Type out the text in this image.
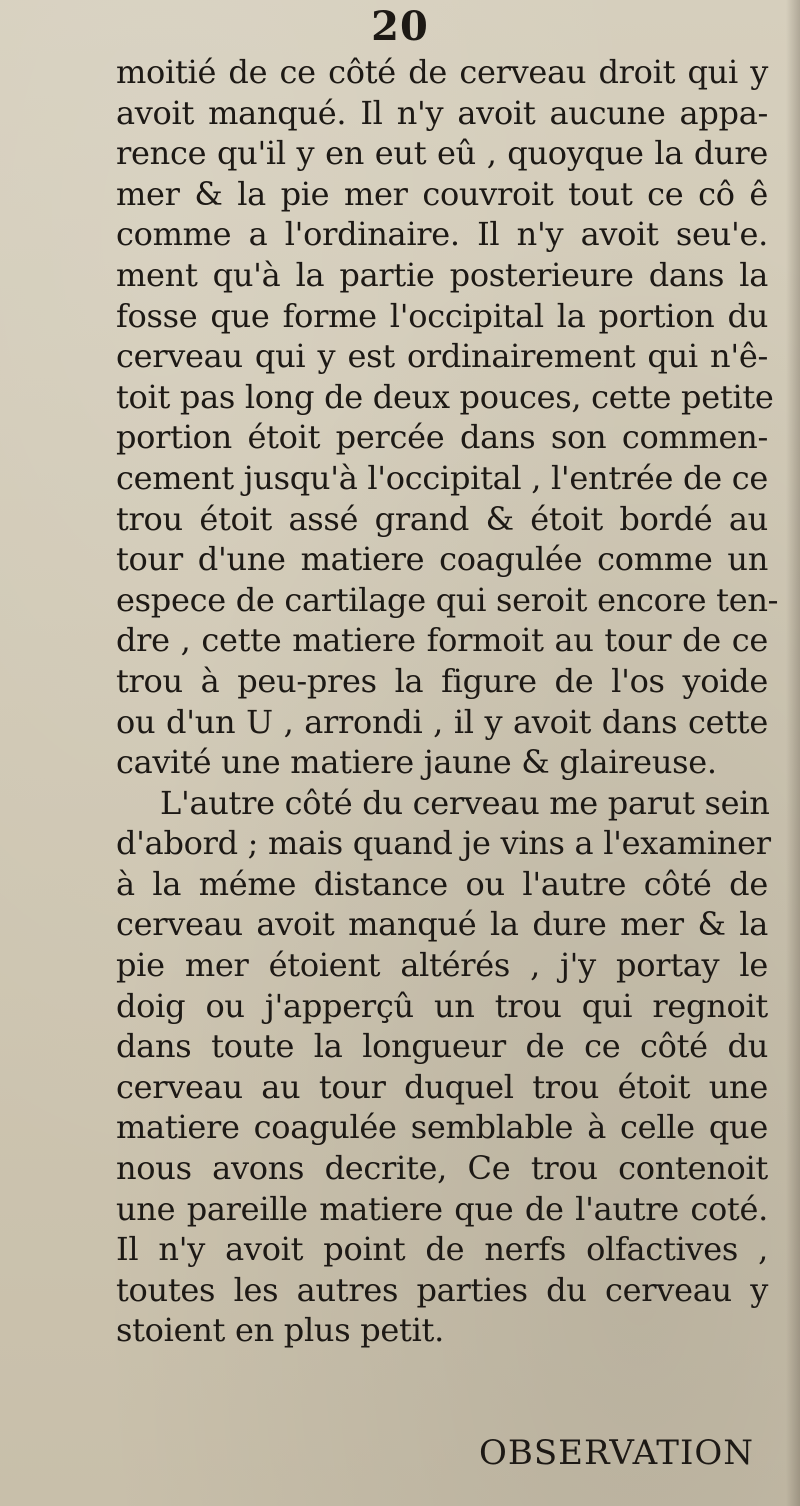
20
moitié de ce côté de cerveau droit qui y
avoit manqué. Il n'y avoit aucune appa-
rence qu'il y en eut eû , quoyque la dure
mer & la pie mer couvroit tout ce cô ê
comme a l'ordinaire. Il n'y avoit seu'e.
ment qu'à la partie posterieure dans la
fosse que forme l'occipital la portion du
cerveau qui y est ordinairement qui n'ê-
toit pas long de deux pouces, cette petite
portion étoit percée dans son commen-
cement jusqu'à l'occipital , l'entrée de ce
trou étoit assé grand & étoit bordé au
tour d'une matiere coagulée comme un
espece de cartilage qui seroit encore ten-
dre , cette matiere formoit au tour de ce
trou à peu-pres la figure de l'os yoide
ou d'un U , arrondi , il y avoit dans cette
cavité une matiere jaune & glaireuse.
L'autre côté du cerveau me parut sein
d'abord ; mais quand je vins a l'examiner
à la méme distance ou l'autre côté de
cerveau avoit manqué la dure mer & la
pie mer étoient altérés , j'y portay le
doig ou j'apperçû un trou qui regnoit
dans toute la longueur de ce côté du
cerveau au tour duquel trou étoit une
matiere coagulée semblable à celle que
nous avons decrite, Ce trou contenoit
une pareille matiere que de l'autre coté.
Il n'y avoit point de nerfs olfactives ,
toutes les autres parties du cerveau y
stoient en plus petit.
OBSERVATION
